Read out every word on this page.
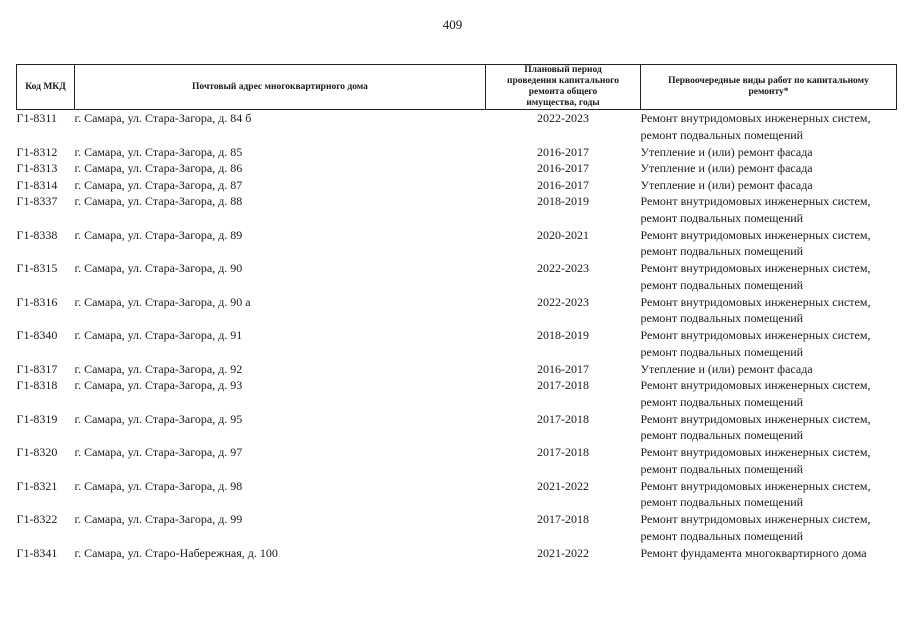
409
Код МКД	Почтовый адрес многоквартирного дома	Плановый период проведения капитального ремонта общего имущества, годы	Первоочередные виды работ по капитальному ремонту*
Г1-8311	г. Самара, ул. Стара-Загора, д. 84 б	2022-2023	Ремонт внутридомовых инженерных систем,
ремонт подвальных помещений

Г1-8312	г. Самара, ул. Стара-Загора, д. 85	2016-2017	Утепление и (или) ремонт фасада

Г1-8313	г. Самара, ул. Стара-Загора, д. 86	2016-2017	Утепление и (или) ремонт фасада

Г1-8314	г. Самара, ул. Стара-Загора, д. 87	2016-2017	Утепление и (или) ремонт фасада

Г1-8337	г. Самара, ул. Стара-Загора, д. 88	2018-2019	Ремонт внутридомовых инженерных систем,
ремонт подвальных помещений

Г1-8338	г. Самара, ул. Стара-Загора, д. 89	2020-2021	Ремонт внутридомовых инженерных систем,
ремонт подвальных помещений

Г1-8315	г. Самара, ул. Стара-Загора, д. 90	2022-2023	Ремонт внутридомовых инженерных систем,
ремонт подвальных помещений

Г1-8316	г. Самара, ул. Стара-Загора, д. 90 а	2022-2023	Ремонт внутридомовых инженерных систем,
ремонт подвальных помещений

Г1-8340	г. Самара, ул. Стара-Загора, д. 91	2018-2019	Ремонт внутридомовых инженерных систем,
ремонт подвальных помещений

Г1-8317	г. Самара, ул. Стара-Загора, д. 92	2016-2017	Утепление и (или) ремонт фасада

Г1-8318	г. Самара, ул. Стара-Загора, д. 93	2017-2018	Ремонт внутридомовых инженерных систем,
ремонт подвальных помещений

Г1-8319	г. Самара, ул. Стара-Загора, д. 95	2017-2018	Ремонт внутридомовых инженерных систем,
ремонт подвальных помещений

Г1-8320	г. Самара, ул. Стара-Загора, д. 97	2017-2018	Ремонт внутридомовых инженерных систем,
ремонт подвальных помещений

Г1-8321	г. Самара, ул. Стара-Загора, д. 98	2021-2022	Ремонт внутридомовых инженерных систем,
ремонт подвальных помещений

Г1-8322	г. Самара, ул. Стара-Загора, д. 99	2017-2018	Ремонт внутридомовых инженерных систем,
ремонт подвальных помещений

Г1-8341	г. Самара, ул. Старо-Набережная, д. 100	2021-2022	Ремонт фундамента многоквартирного дома
